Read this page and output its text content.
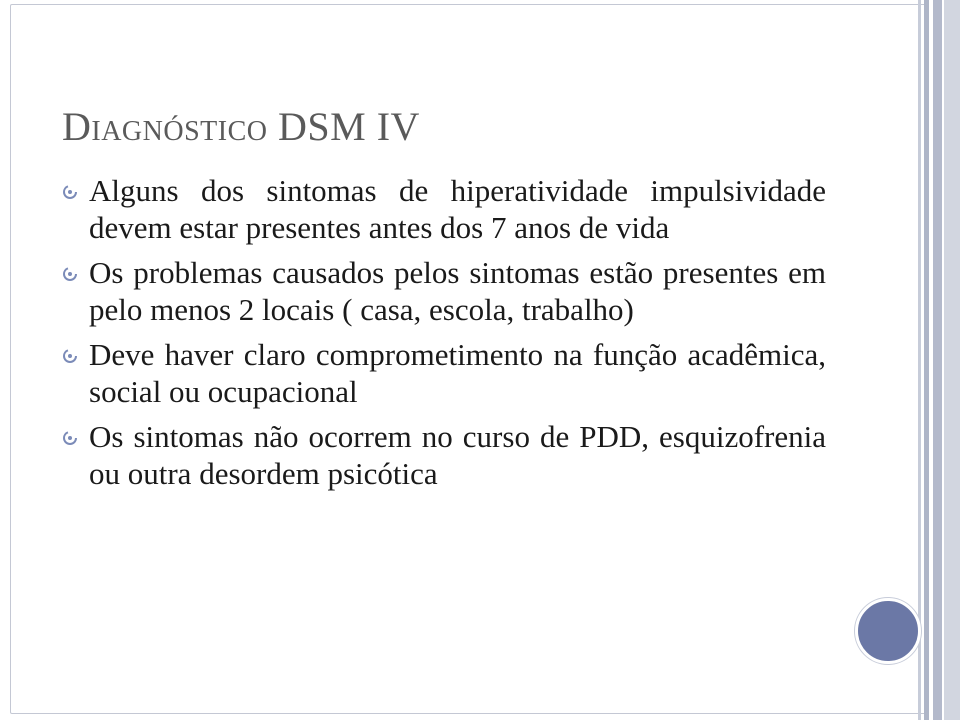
Diagnóstico DSM IV
Alguns dos sintomas de hiperatividade impulsividade devem estar presentes antes dos 7 anos de vida
Os problemas causados pelos sintomas estão presentes em pelo menos 2 locais ( casa, escola, trabalho)
Deve haver claro comprometimento na função acadêmica, social ou ocupacional
Os sintomas não ocorrem no curso de PDD, esquizofrenia ou outra desordem psicótica
